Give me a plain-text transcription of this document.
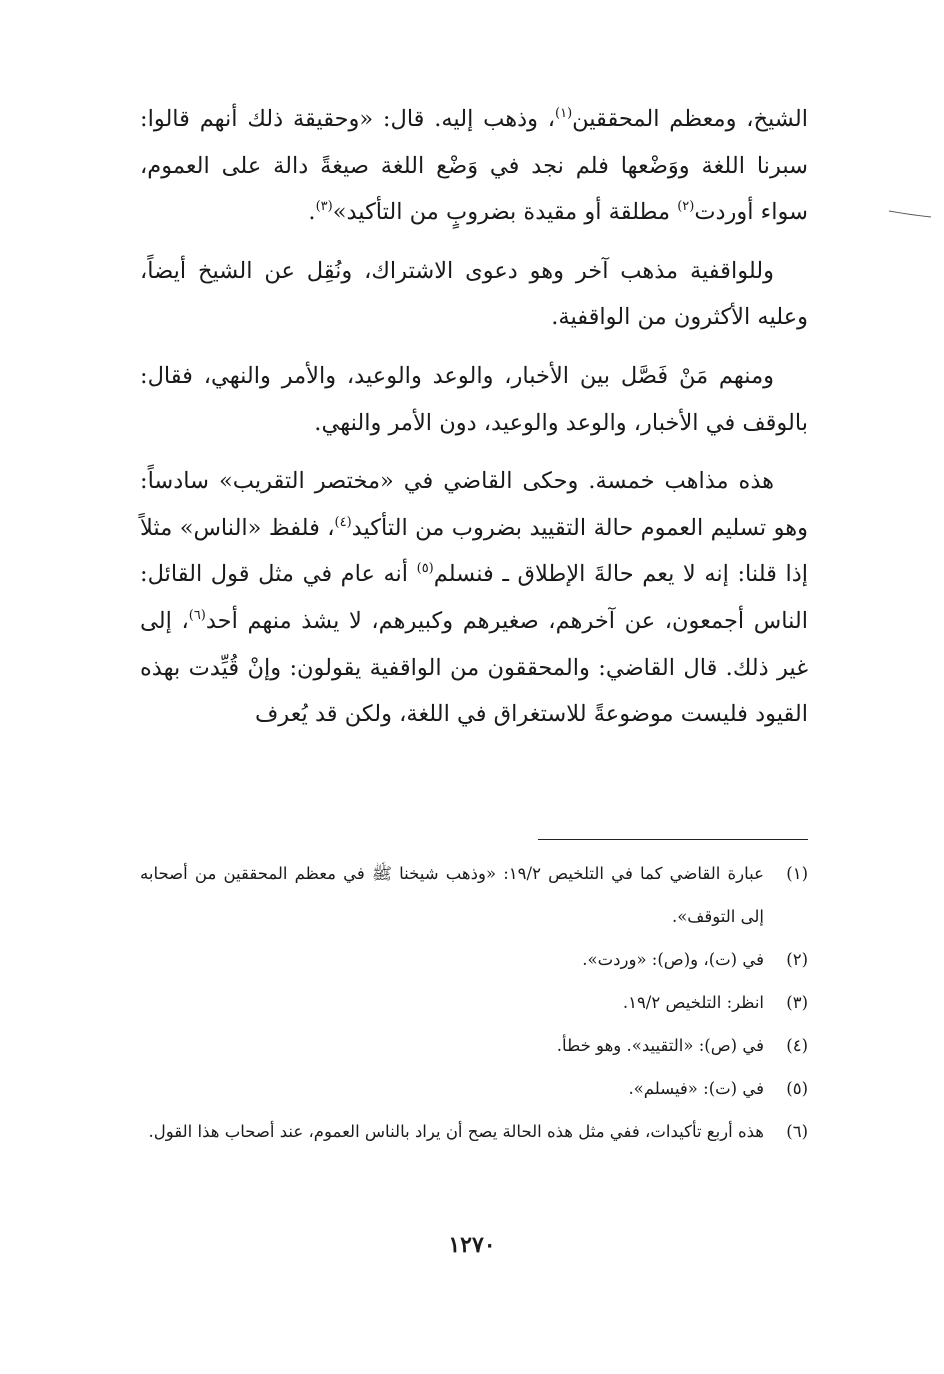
الشيخ، ومعظم المحققين$^{(١)}$، وذهب إليه. قال: «وحقيقة ذلك أنهم قالوا: سبرنا اللغة ووَضْعها فلم نجد في وَضْع اللغة صيغةً دالة على العموم، سواء أوردت$^{(٢)}$ مطلقة أو مقيدة بضروبٍ من التأكيد»$^{(٣)}$.

وللواقفية مذهب آخر وهو دعوى الاشتراك، ونُقِل عن الشيخ أيضاً، وعليه الأكثرون من الواقفية.

ومنهم مَنْ فَصَّل بين الأخبار، والوعد والوعيد، والأمر والنهي، فقال: بالوقف في الأخبار، والوعد والوعيد، دون الأمر والنهي.

هذه مذاهب خمسة. وحكى القاضي في «مختصر التقريب» سادساً: وهو تسليم العموم حالة التقييد بضروب من التأكيد$^{(٤)}$، فلفظ «الناس» مثلاً إذا قلنا: إنه لا يعم حالةَ الإطلاق ـ فنسلم$^{(٥)}$ أنه عام في مثل قول القائل: الناس أجمعون، عن آخرهم، صغيرهم وكبيرهم، لا يشذ منهم أحد$^{(٦)}$، إلى غير ذلك. قال القاضي: والمحققون من الواقفية يقولون: وإنْ قُيِّدت بهذه القيود فليست موضوعةً للاستغراق في اللغة، ولكن قد يُعرف

(١)
عبارة القاضي كما في التلخيص ١٩/٢: «وذهب شيخنا ﷺ في معظم المحققين من أصحابه إلى التوقف».
(٢)
في (ت)، و(ص): «وردت».
(٣)
انظر: التلخيص ١٩/٢.
(٤)
في (ص): «التقييد». وهو خطأ.
(٥)
في (ت): «فيسلم».
(٦)
هذه أربع تأكيدات، ففي مثل هذه الحالة يصح أن يراد بالناس العموم، عند أصحاب هذا القول.
١٢٧٠
